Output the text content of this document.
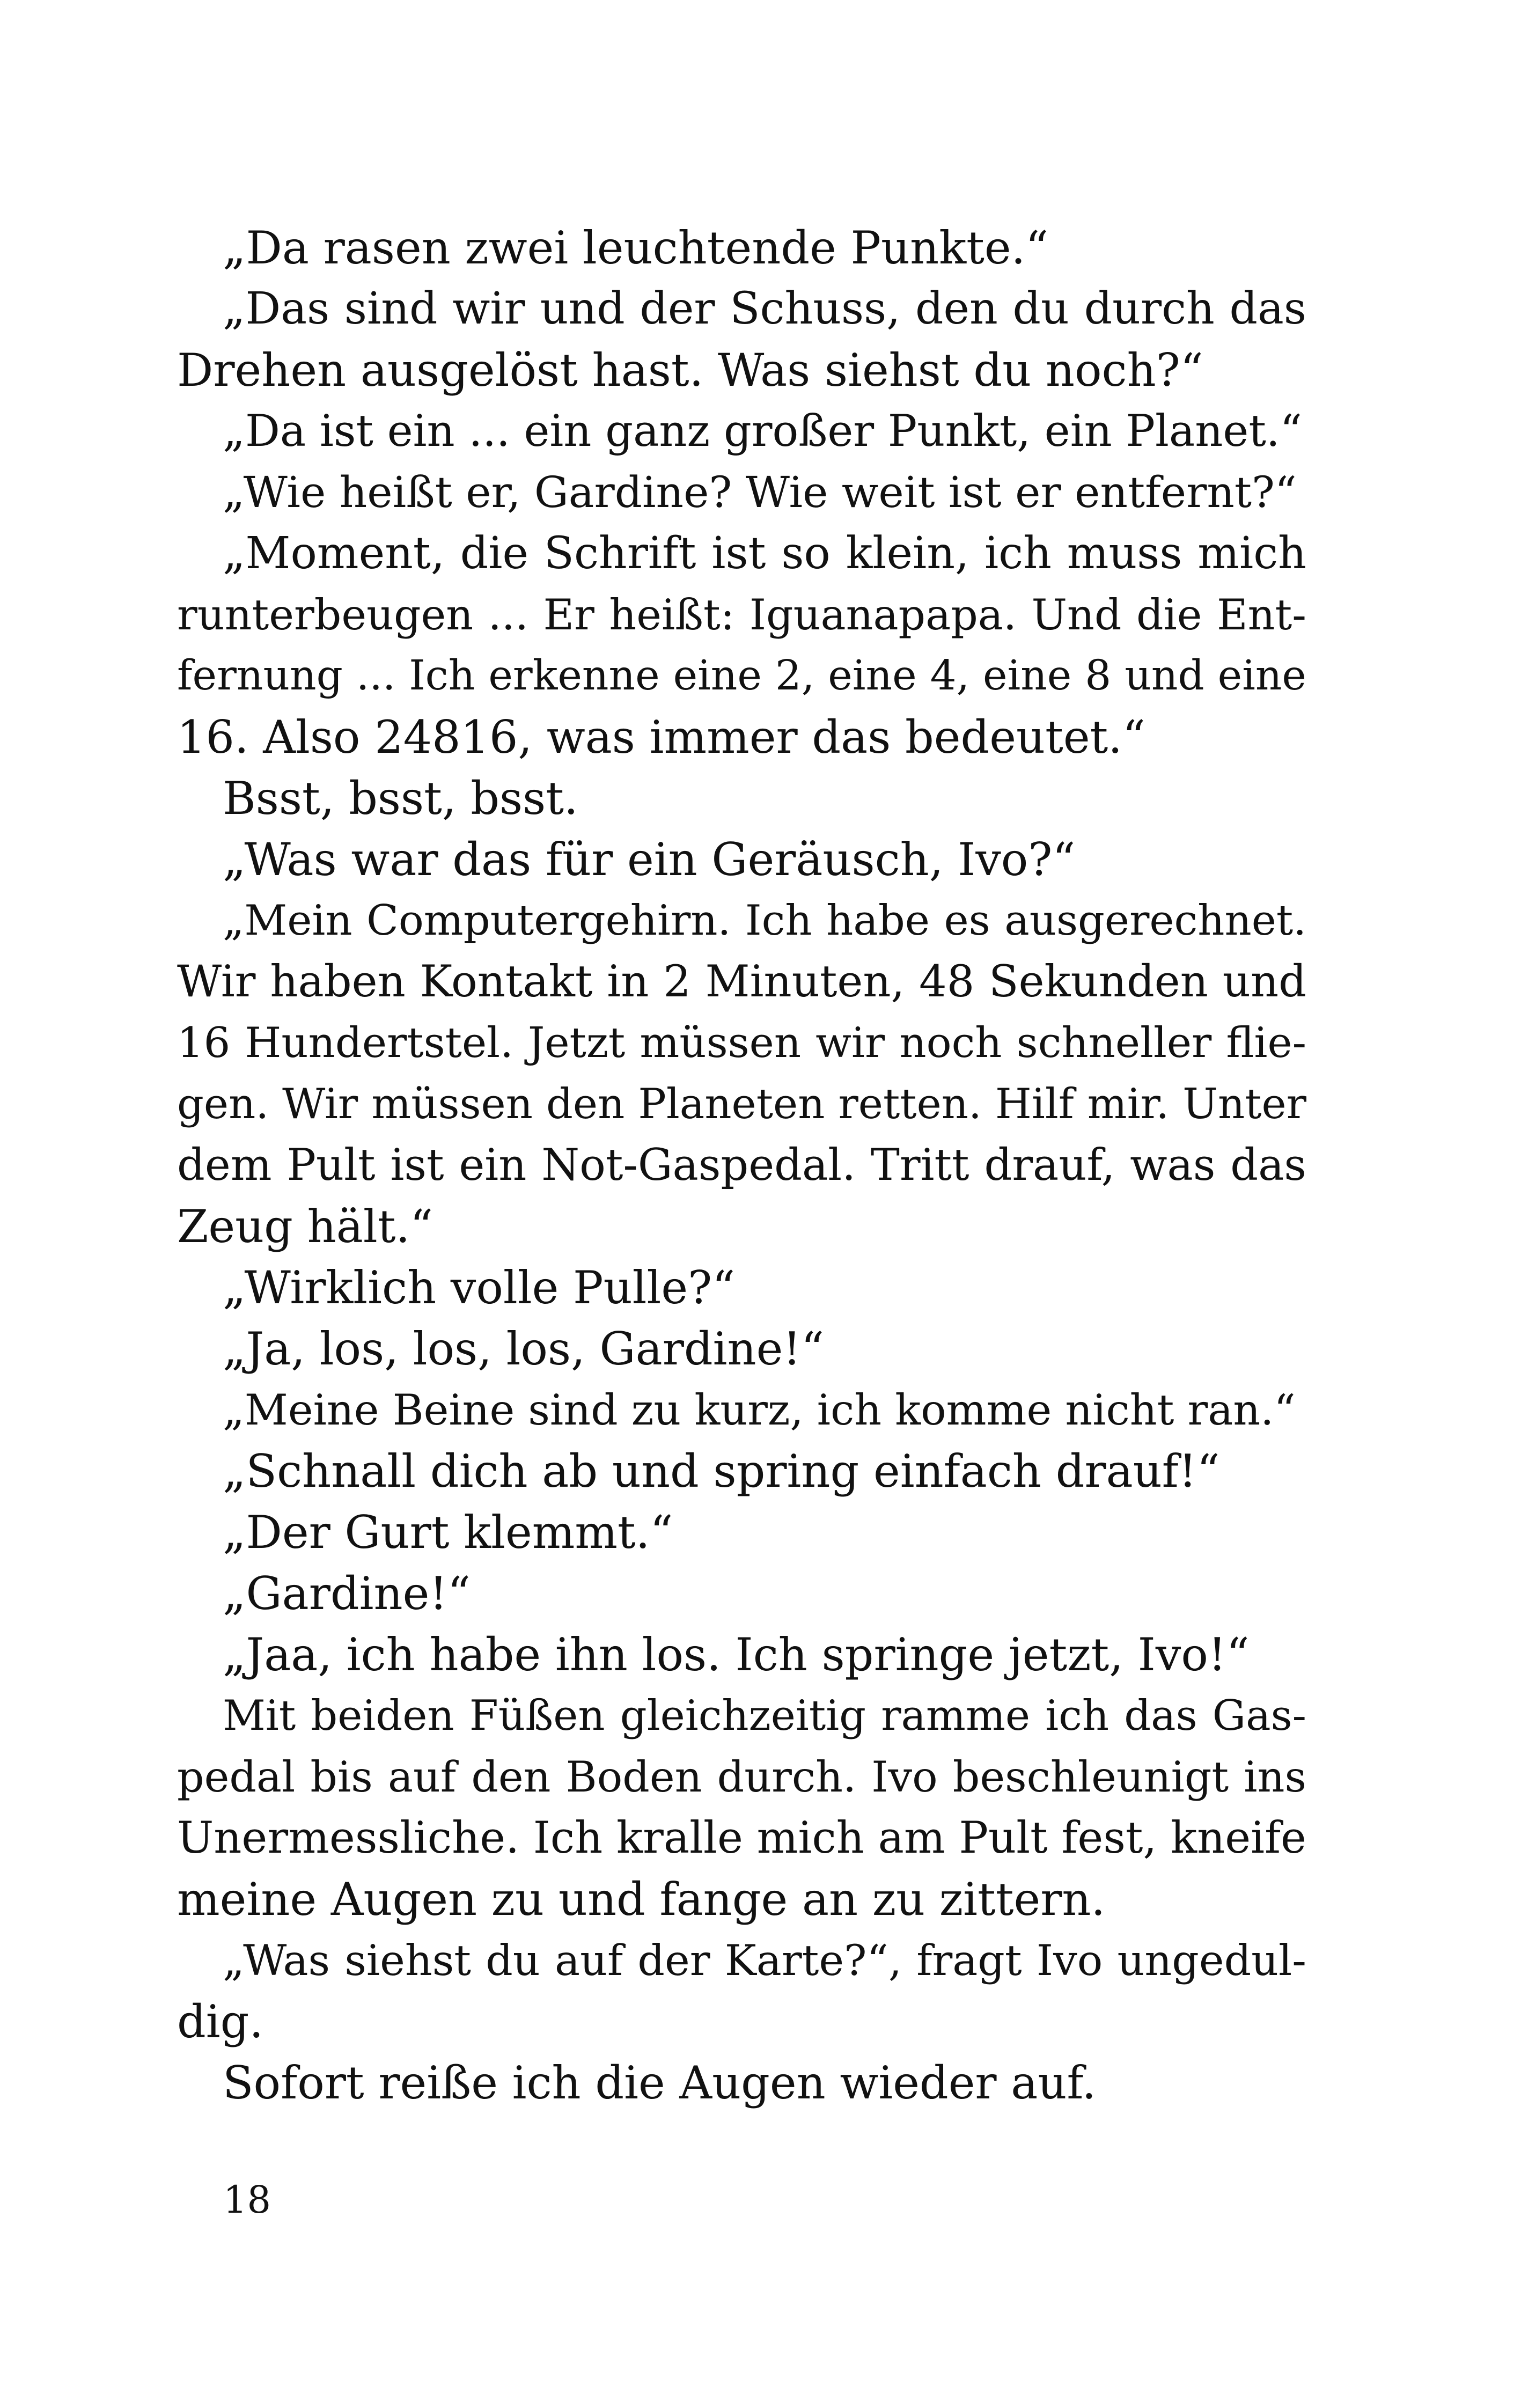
„Da rasen zwei leuchtende Punkte.“
„Das sind wir und der Schuss, den du durch das
Drehen ausgelöst hast. Was siehst du noch?“
„Da ist ein ... ein ganz großer Punkt, ein Planet.“
„Wie heißt er, Gardine? Wie weit ist er entfernt?“
„Moment, die Schrift ist so klein, ich muss mich
runterbeugen ... Er heißt: Iguanapapa. Und die Ent-
fernung ... Ich erkenne eine 2, eine 4, eine 8 und eine
16. Also 24816, was immer das bedeutet.“
Bsst, bsst, bsst.
„Was war das für ein Geräusch, Ivo?“
„Mein Computergehirn. Ich habe es ausgerechnet.
Wir haben Kontakt in 2 Minuten, 48 Sekunden und
16 Hundertstel. Jetzt müssen wir noch schneller flie-
gen. Wir müssen den Planeten retten. Hilf mir. Unter
dem Pult ist ein Not-Gaspedal. Tritt drauf, was das
Zeug hält.“
„Wirklich volle Pulle?“
„Ja, los, los, los, Gardine!“
„Meine Beine sind zu kurz, ich komme nicht ran.“
„Schnall dich ab und spring einfach drauf!“
„Der Gurt klemmt.“
„Gardine!“
„Jaa, ich habe ihn los. Ich springe jetzt, Ivo!“
Mit beiden Füßen gleichzeitig ramme ich das Gas-
pedal bis auf den Boden durch. Ivo beschleunigt ins
Unermessliche. Ich kralle mich am Pult fest, kneife
meine Augen zu und fange an zu zittern.
„Was siehst du auf der Karte?“, fragt Ivo ungedul-
dig.
Sofort reiße ich die Augen wieder auf.

18
